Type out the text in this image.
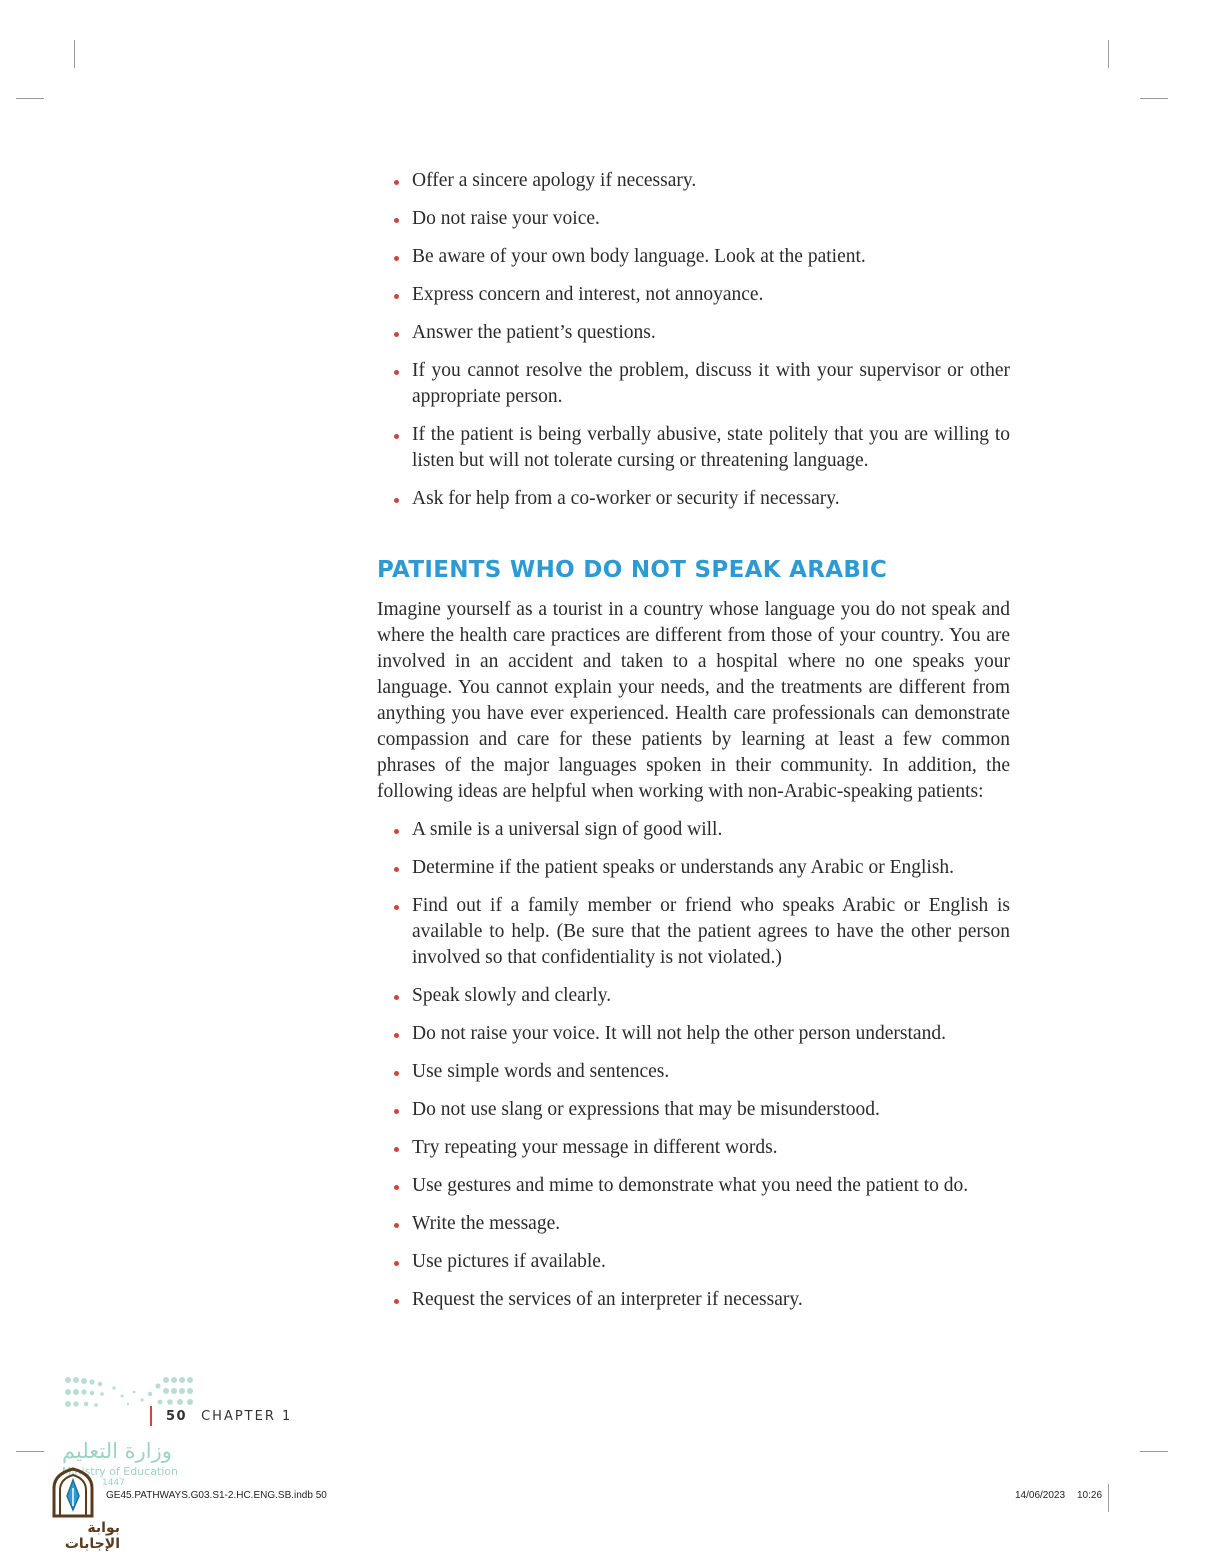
Offer a sincere apology if necessary.
Do not raise your voice.
Be aware of your own body language. Look at the patient.
Express concern and interest, not annoyance.
Answer the patient’s questions.
If you cannot resolve the problem, discuss it with your supervisor or other appropriate person.
If the patient is being verbally abusive, state politely that you are willing to listen but will not tolerate cursing or threatening language.
Ask for help from a co-worker or security if necessary.
PATIENTS WHO DO NOT SPEAK ARABIC

Imagine yourself as a tourist in a country whose language you do not speak and where the health care practices are different from those of your country. You are involved in an accident and taken to a hospital where no one speaks your language. You cannot explain your needs, and the treatments are different from anything you have ever experienced. Health care professionals can demonstrate compassion and care for these patients by learning at least a few common phrases of the major languages spoken in their community. In addition, the following ideas are helpful when working with non-Arabic-speaking patients:

A smile is a universal sign of good will.
Determine if the patient speaks or understands any Arabic or English.
Find out if a family member or friend who speaks Arabic or English is available to help. (Be sure that the patient agrees to have the other person involved so that confidentiality is not violated.)
Speak slowly and clearly.
Do not raise your voice. It will not help the other person understand.
Use simple words and sentences.
Do not use slang or expressions that may be misunderstood.
Try repeating your message in different words.
Use gestures and mime to demonstrate what you need the patient to do.
Write the message.
Use pictures if available.
Request the services of an interpreter if necessary.
وزارة التعليم
Ministry of Education
1447
50 CHAPTER 1
GE45.PATHWAYS.G03.S1-2.HC.ENG.SB.indb 50	14/06/2023 10:26
بوابة الإجابات
